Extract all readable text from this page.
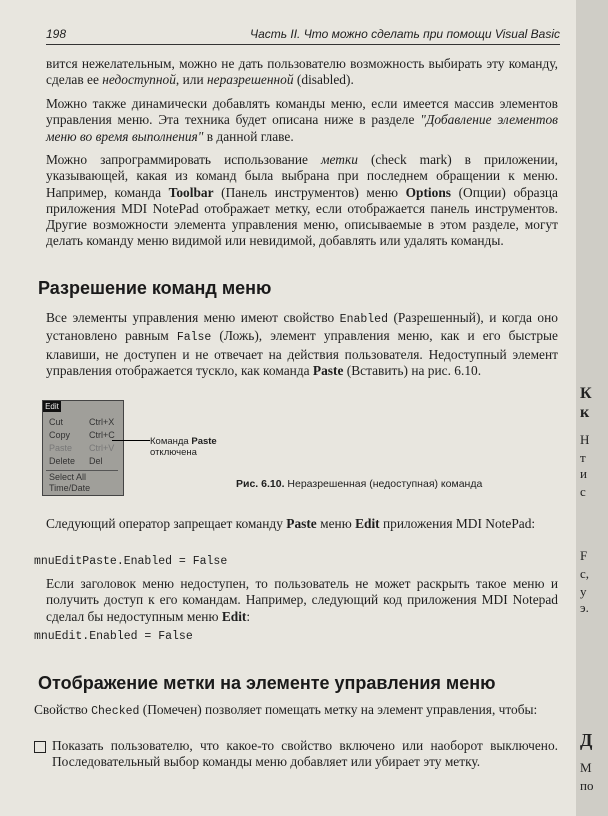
198	Часть II. Что можно сделать при помощи Visual Basic

вится нежелательным, можно не дать пользователю возможность выбирать эту команду, сделав ее недоступной, или неразрешенной (disabled).

Можно также динамически добавлять команды меню, если имеется массив элементов управления меню. Эта техника будет описана ниже в разделе "Добавление элементов меню во время выполнения" в данной главе.

Можно запрограммировать использование метки (check mark) в приложении, указывающей, какая из команд была выбрана при последнем обращении к меню. Например, команда Toolbar (Панель инструментов) меню Options (Опции) образца приложения MDI NotePad отображает метку, если отображается панель инструментов. Другие возможности элемента управления меню, описываемые в этом разделе, могут делать команду меню видимой или невидимой, добавлять или удалять команды.

Разрешение команд меню

Все элементы управления меню имеют свойство Enabled (Разрешенный), и когда оно установлено равным False (Ложь), элемент управления меню, как и его быстрые клавиши, не доступен и не отвечает на действия пользователя. Недоступный элемент управления отображается тускло, как команда Paste (Вставить) на рис. 6.10.

Edit
Cut	Ctrl+X
Copy Ctrl+C
Paste Ctrl+V
Delete Del
Select All
Time/Date
Команда Paste
отключена
Рис. 6.10. Неразрешенная (недоступная) команда

Следующий оператор запрещает команду Paste меню Edit приложения MDI NotePad:

mnuEditPaste.Enabled = False

Если заголовок меню недоступен, то пользователь не может раскрыть такое меню и получить доступ к его командам. Например, следующий код приложения MDI Notepad сделал бы недоступным меню Edit:

mnuEdit.Enabled = False
Отображение метки на элементе управления меню

Свойство Checked (Помечен) позволяет помещать метку на элемент управления, чтобы:

Показать пользователю, что какое-то свойство включено или наоборот выключено. Последовательный выбор команды меню добавляет или убирает эту метку.

К
к
Н
т
и
с
F
с,
у
э.
Д
М
по
